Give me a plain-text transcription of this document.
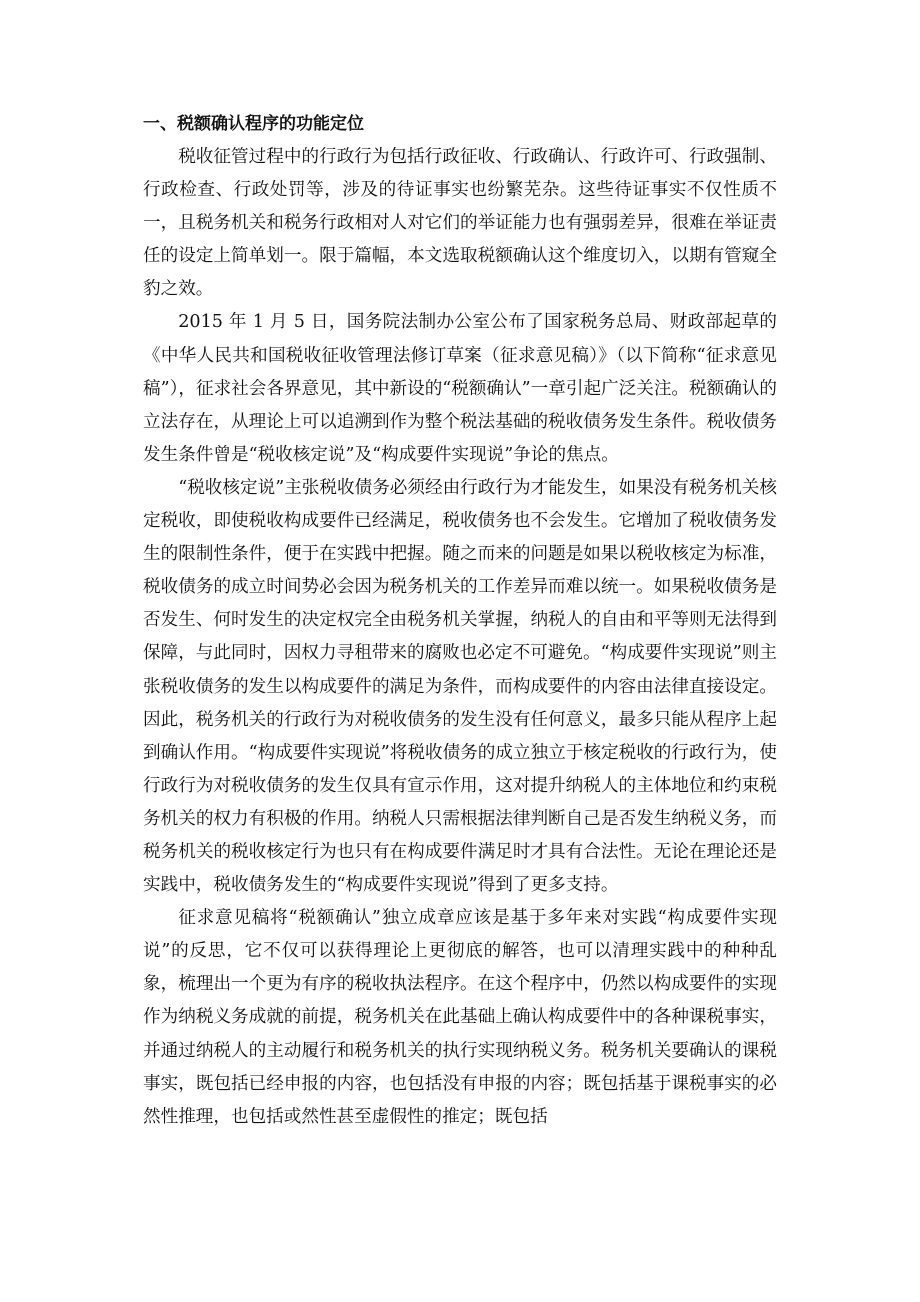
一、税额确认程序的功能定位

税收征管过程中的行政行为包括行政征收、行政确认、行政许可、行政强制、行政检查、行政处罚等，涉及的待证事实也纷繁芜杂。这些待证事实不仅性质不一，且税务机关和税务行政相对人对它们的举证能力也有强弱差异，很难在举证责任的设定上简单划一。限于篇幅，本文选取税额确认这个维度切入，以期有管窥全豹之效。

2015 年 1 月 5 日，国务院法制办公室公布了国家税务总局、财政部起草的《中华人民共和国税收征收管理法修订草案（征求意见稿）》（以下简称“征求意见稿”），征求社会各界意见，其中新设的“税额确认”一章引起广泛关注。税额确认的立法存在，从理论上可以追溯到作为整个税法基础的税收债务发生条件。税收债务发生条件曾是“税收核定说”及“构成要件实现说”争论的焦点。

“税收核定说”主张税收债务必须经由行政行为才能发生，如果没有税务机关核定税收，即使税收构成要件已经满足，税收债务也不会发生。它增加了税收债务发生的限制性条件，便于在实践中把握。随之而来的问题是如果以税收核定为标准，税收债务的成立时间势必会因为税务机关的工作差异而难以统一。如果税收债务是否发生、何时发生的决定权完全由税务机关掌握，纳税人的自由和平等则无法得到保障，与此同时，因权力寻租带来的腐败也必定不可避免。“构成要件实现说”则主张税收债务的发生以构成要件的满足为条件，而构成要件的内容由法律直接设定。因此，税务机关的行政行为对税收债务的发生没有任何意义，最多只能从程序上起到确认作用。“构成要件实现说”将税收债务的成立独立于核定税收的行政行为，使行政行为对税收债务的发生仅具有宣示作用，这对提升纳税人的主体地位和约束税务机关的权力有积极的作用。纳税人只需根据法律判断自己是否发生纳税义务，而税务机关的税收核定行为也只有在构成要件满足时才具有合法性。无论在理论还是实践中，税收债务发生的“构成要件实现说”得到了更多支持。

征求意见稿将“税额确认”独立成章应该是基于多年来对实践“构成要件实现说”的反思，它不仅可以获得理论上更彻底的解答，也可以清理实践中的种种乱象，梳理出一个更为有序的税收执法程序。在这个程序中，仍然以构成要件的实现作为纳税义务成就的前提，税务机关在此基础上确认构成要件中的各种课税事实，并通过纳税人的主动履行和税务机关的执行实现纳税义务。税务机关要确认的课税事实，既包括已经申报的内容，也包括没有申报的内容；既包括基于课税事实的必然性推理，也包括或然性甚至虚假性的推定；既包括
